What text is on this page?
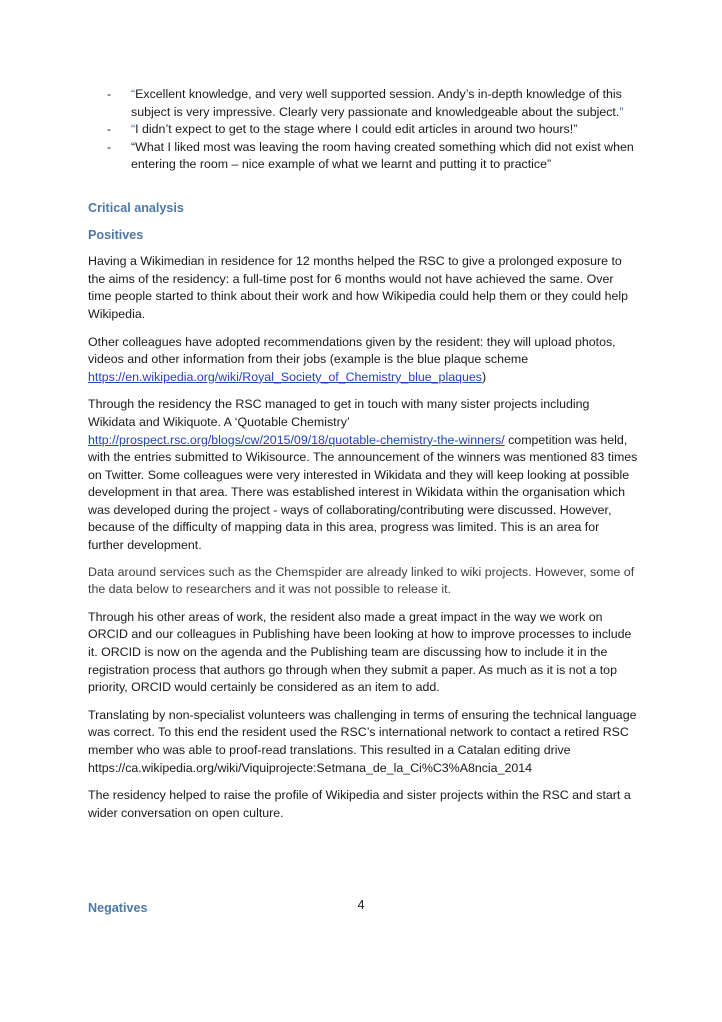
- “Excellent knowledge, and very well supported session. Andy’s in-depth knowledge of this subject is very impressive. Clearly very passionate and knowledgeable about the subject.”
- “I didn’t expect to get to the stage where I could edit articles in around two hours!”
- “What I liked most was leaving the room having created something which did not exist when entering the room – nice example of what we learnt and putting it to practice”
Critical analysis
Positives

Having a Wikimedian in residence for 12 months helped the RSC to give a prolonged exposure to the aims of the residency: a full-time post for 6 months would not have achieved the same. Over time people started to think about their work and how Wikipedia could help them or they could help Wikipedia.

Other colleagues have adopted recommendations given by the resident: they will upload photos, videos and other information from their jobs (example is the blue plaque scheme https://en.wikipedia.org/wiki/Royal_Society_of_Chemistry_blue_plaques)

Through the residency the RSC managed to get in touch with many sister projects including Wikidata and Wikiquote. A ‘Quotable Chemistry’ http://prospect.rsc.org/blogs/cw/2015/09/18/quotable-chemistry-the-winners/ competition was held, with the entries submitted to Wikisource. The announcement of the winners was mentioned 83 times on Twitter. Some colleagues were very interested in Wikidata and they will keep looking at possible development in that area. There was established interest in Wikidata within the organisation which was developed during the project - ways of collaborating/contributing were discussed. However, because of the difficulty of mapping data in this area, progress was limited. This is an area for further development.

Data around services such as the Chemspider are already linked to wiki projects. However, some of the data below to researchers and it was not possible to release it.

Through his other areas of work, the resident also made a great impact in the way we work on ORCID and our colleagues in Publishing have been looking at how to improve processes to include it. ORCID is now on the agenda and the Publishing team are discussing how to include it in the registration process that authors go through when they submit a paper. As much as it is not a top priority, ORCID would certainly be considered as an item to add.

Translating by non-specialist volunteers was challenging in terms of ensuring the technical language was correct. To this end the resident used the RSC’s international network to contact a retired RSC member who was able to proof-read translations. This resulted in a Catalan editing drive https://ca.wikipedia.org/wiki/Viquiprojecte:Setmana_de_la_Ci%C3%A8ncia_2014

The residency helped to raise the profile of Wikipedia and sister projects within the RSC and start a wider conversation on open culture.

Negatives	4
